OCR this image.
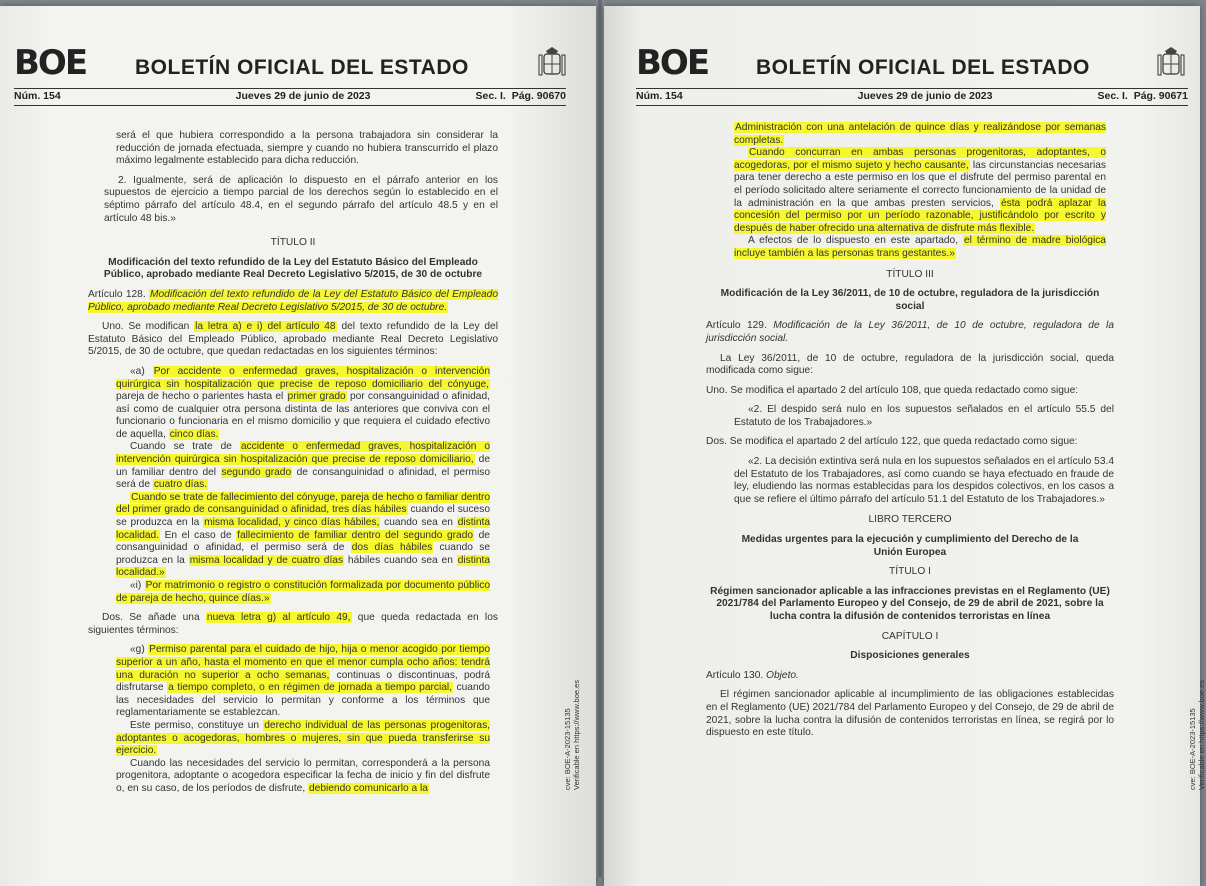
BOE BOLETÍN OFICIAL DEL ESTADO
Núm. 154	Jueves 29 de junio de 2023	Sec. I. Pág. 90670

será el que hubiera correspondido a la persona trabajadora sin considerar la reducción de jornada efectuada, siempre y cuando no hubiera transcurrido el plazo máximo legalmente establecido para dicha reducción.

2. Igualmente, será de aplicación lo dispuesto en el párrafo anterior en los supuestos de ejercicio a tiempo parcial de los derechos según lo establecido en el séptimo párrafo del artículo 48.4, en el segundo párrafo del artículo 48.5 y en el artículo 48 bis.»

TÍTULO II

Modificación del texto refundido de la Ley del Estatuto Básico del Empleado Público, aprobado mediante Real Decreto Legislativo 5/2015, de 30 de octubre

Artículo 128. Modificación del texto refundido de la Ley del Estatuto Básico del Empleado Público, aprobado mediante Real Decreto Legislativo 5/2015, de 30 de octubre.

Uno. Se modifican la letra a) e i) del artículo 48 del texto refundido de la Ley del Estatuto Básico del Empleado Público, aprobado mediante Real Decreto Legislativo 5/2015, de 30 de octubre, que quedan redactadas en los siguientes términos:

«a) Por accidente o enfermedad graves, hospitalización o intervención quirúrgica sin hospitalización que precise de reposo domiciliario del cónyuge, pareja de hecho o parientes hasta el primer grado por consanguinidad o afinidad, así como de cualquier otra persona distinta de las anteriores que conviva con el funcionario o funcionaria en el mismo domicilio y que requiera el cuidado efectivo de aquella, cinco días.

Cuando se trate de accidente o enfermedad graves, hospitalización o intervención quirúrgica sin hospitalización que precise de reposo domiciliario, de un familiar dentro del segundo grado de consanguinidad o afinidad, el permiso será de cuatro días.

Cuando se trate de fallecimiento del cónyuge, pareja de hecho o familiar dentro del primer grado de consanguinidad o afinidad, tres días hábiles cuando el suceso se produzca en la misma localidad, y cinco días hábiles, cuando sea en distinta localidad. En el caso de fallecimiento de familiar dentro del segundo grado de consanguinidad o afinidad, el permiso será de dos días hábiles cuando se produzca en la misma localidad y de cuatro días hábiles cuando sea en distinta localidad.»

«i) Por matrimonio o registro o constitución formalizada por documento público de pareja de hecho, quince días.»

Dos. Se añade una nueva letra g) al artículo 49, que queda redactada en los siguientes términos:

«g) Permiso parental para el cuidado de hijo, hija o menor acogido por tiempo superior a un año, hasta el momento en que el menor cumpla ocho años: tendrá una duración no superior a ocho semanas, continuas o discontinuas, podrá disfrutarse a tiempo completo, o en régimen de jornada a tiempo parcial, cuando las necesidades del servicio lo permitan y conforme a los términos que reglamentariamente se establezcan.

Este permiso, constituye un derecho individual de las personas progenitoras, adoptantes o acogedoras, hombres o mujeres, sin que pueda transferirse su ejercicio.

Cuando las necesidades del servicio lo permitan, corresponderá a la persona progenitora, adoptante o acogedora especificar la fecha de inicio y fin del disfrute o, en su caso, de los períodos de disfrute, debiendo comunicarlo a la	cve: BOE-A-2023-15135 Verificable en https://www.boe.es
BOE BOLETÍN OFICIAL DEL ESTADO
Núm. 154	Jueves 29 de junio de 2023	Sec. I. Pág. 90671

Administración con una antelación de quince días y realizándose por semanas completas.

Cuando concurran en ambas personas progenitoras, adoptantes, o acogedoras, por el mismo sujeto y hecho causante, las circunstancias necesarias para tener derecho a este permiso en los que el disfrute del permiso parental en el período solicitado altere seriamente el correcto funcionamiento de la unidad de la administración en la que ambas presten servicios, ésta podrá aplazar la concesión del permiso por un período razonable, justificándolo por escrito y después de haber ofrecido una alternativa de disfrute más flexible.

A efectos de lo dispuesto en este apartado, el término de madre biológica incluye también a las personas trans gestantes.»

TÍTULO III

Modificación de la Ley 36/2011, de 10 de octubre, reguladora de la jurisdicción social

Artículo 129. Modificación de la Ley 36/2011, de 10 de octubre, reguladora de la jurisdicción social.

La Ley 36/2011, de 10 de octubre, reguladora de la jurisdicción social, queda modificada como sigue:

Uno. Se modifica el apartado 2 del artículo 108, que queda redactado como sigue:

«2. El despido será nulo en los supuestos señalados en el artículo 55.5 del Estatuto de los Trabajadores.»

Dos. Se modifica el apartado 2 del artículo 122, que queda redactado como sigue:

«2. La decisión extintiva será nula en los supuestos señalados en el artículo 53.4 del Estatuto de los Trabajadores, así como cuando se haya efectuado en fraude de ley, eludiendo las normas establecidas para los despidos colectivos, en los casos a que se refiere el último párrafo del artículo 51.1 del Estatuto de los Trabajadores.»

LIBRO TERCERO

Medidas urgentes para la ejecución y cumplimiento del Derecho de la Unión Europea

TÍTULO I

Régimen sancionador aplicable a las infracciones previstas en el Reglamento (UE) 2021/784 del Parlamento Europeo y del Consejo, de 29 de abril de 2021, sobre la lucha contra la difusión de contenidos terroristas en línea

CAPÍTULO I

Disposiciones generales

Artículo 130. Objeto.

El régimen sancionador aplicable al incumplimiento de las obligaciones establecidas en el Reglamento (UE) 2021/784 del Parlamento Europeo y del Consejo, de 29 de abril de 2021, sobre la lucha contra la difusión de contenidos terroristas en línea, se regirá por lo dispuesto en este título.	cve: BOE-A-2023-15135 Verificable en https://www.boe.es
